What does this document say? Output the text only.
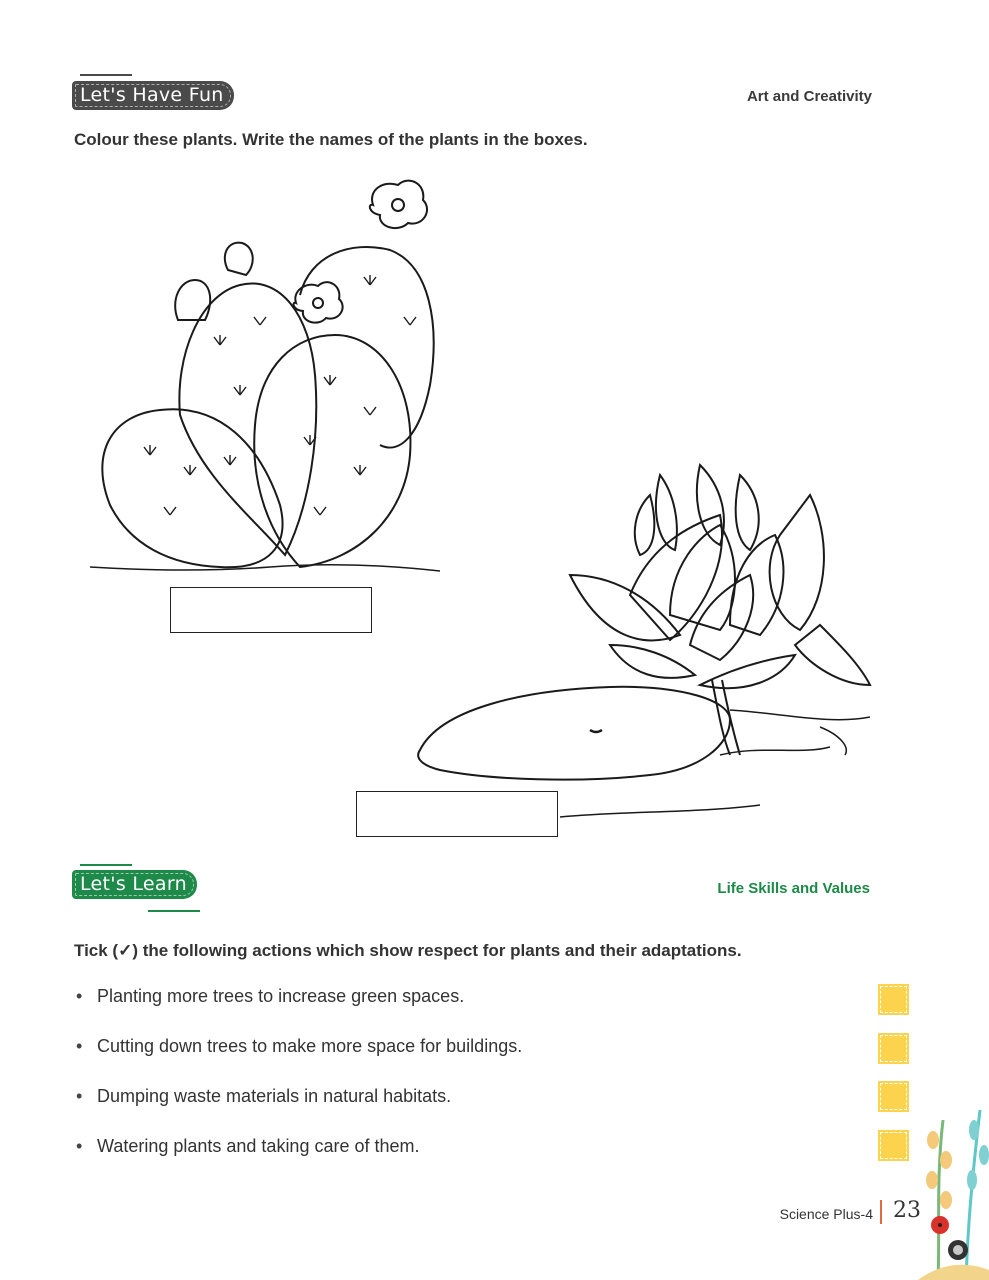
Let's Have Fun	Art and Creativity
Colour these plants. Write the names of the plants in the boxes.
Let's Learn	Life Skills and Values
Tick (✓) the following actions which show respect for plants and their adaptations.
• Planting more trees to increase green spaces.
• Cutting down trees to make more space for buildings.
• Dumping waste materials in natural habitats.
• Watering plants and taking care of them.
Science Plus-4 23
